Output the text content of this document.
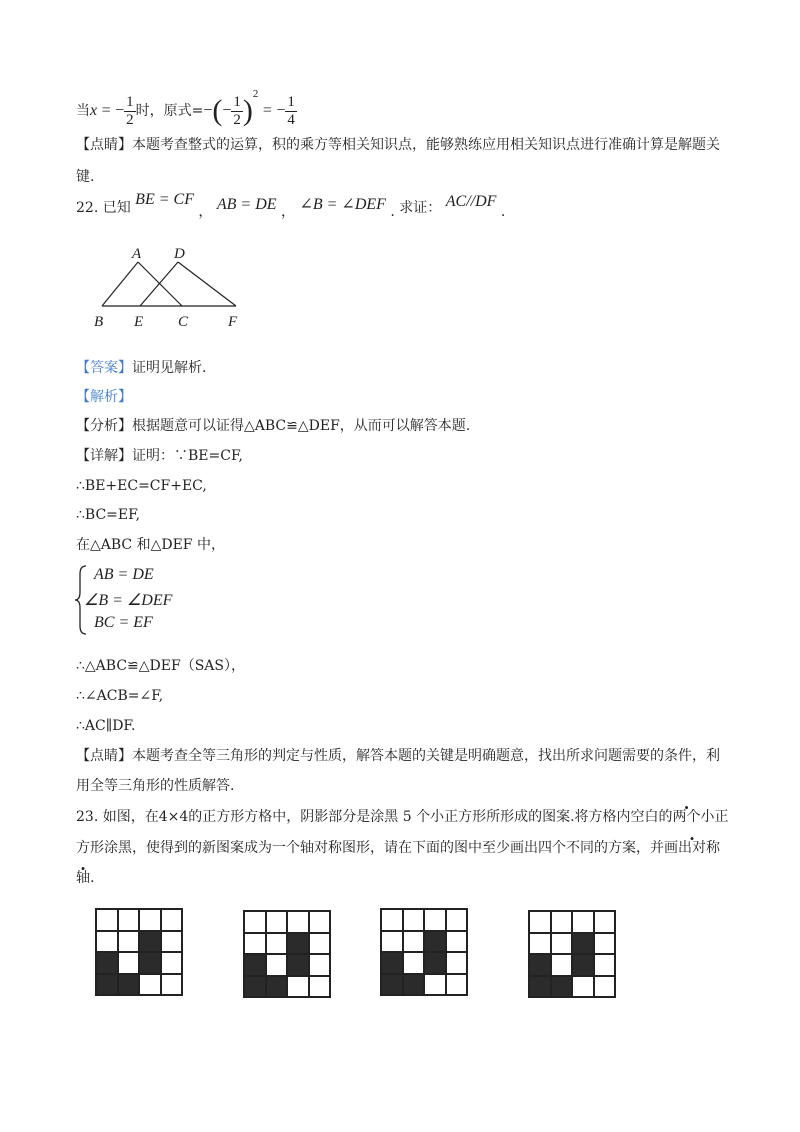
当x = − $\frac{1}{2}$ 时，原式=−(− $\frac{1}{2} )^2$ = − $\frac{1}{4}$
【点睛】本题考查整式的运算，积的乘方等相关知识点，能够熟练应用相关知识点进行准确计算是解题关
键.
22. 已知 BE = CF ， AB = DE ， ∠B = ∠DEF . 求证： AC//DF .
A D
B E C	F
【答案】证明见解析.
【解析】
【分析】根据题意可以证得△ABC≌△DEF，从而可以解答本题.
【详解】证明：∵BE=CF,
∴BE+EC=CF+EC,
∴BC=EF,
在△ABC 和△DEF 中，
AB = DE
∠B = ∠DEF
BC = EF
∴△ABC≌△DEF（SAS），
∴∠ACB=∠F,
∴AC∥DF.
【点睛】本题考查全等三角形的判定与性质，解答本题的关键是明确题意，找出所求问题需要的条件，利
用全等三角形的性质解答.
23. 如图，在4×4的正方形方格中，阴影部分是涂黑 5 个小正方形所形成的图案.将方格内空白的两个小正
方形涂黑，使得到的新图案成为一个轴对称图形，请在下面的图中至少画出四个不同的方案，并画出对称
轴.
